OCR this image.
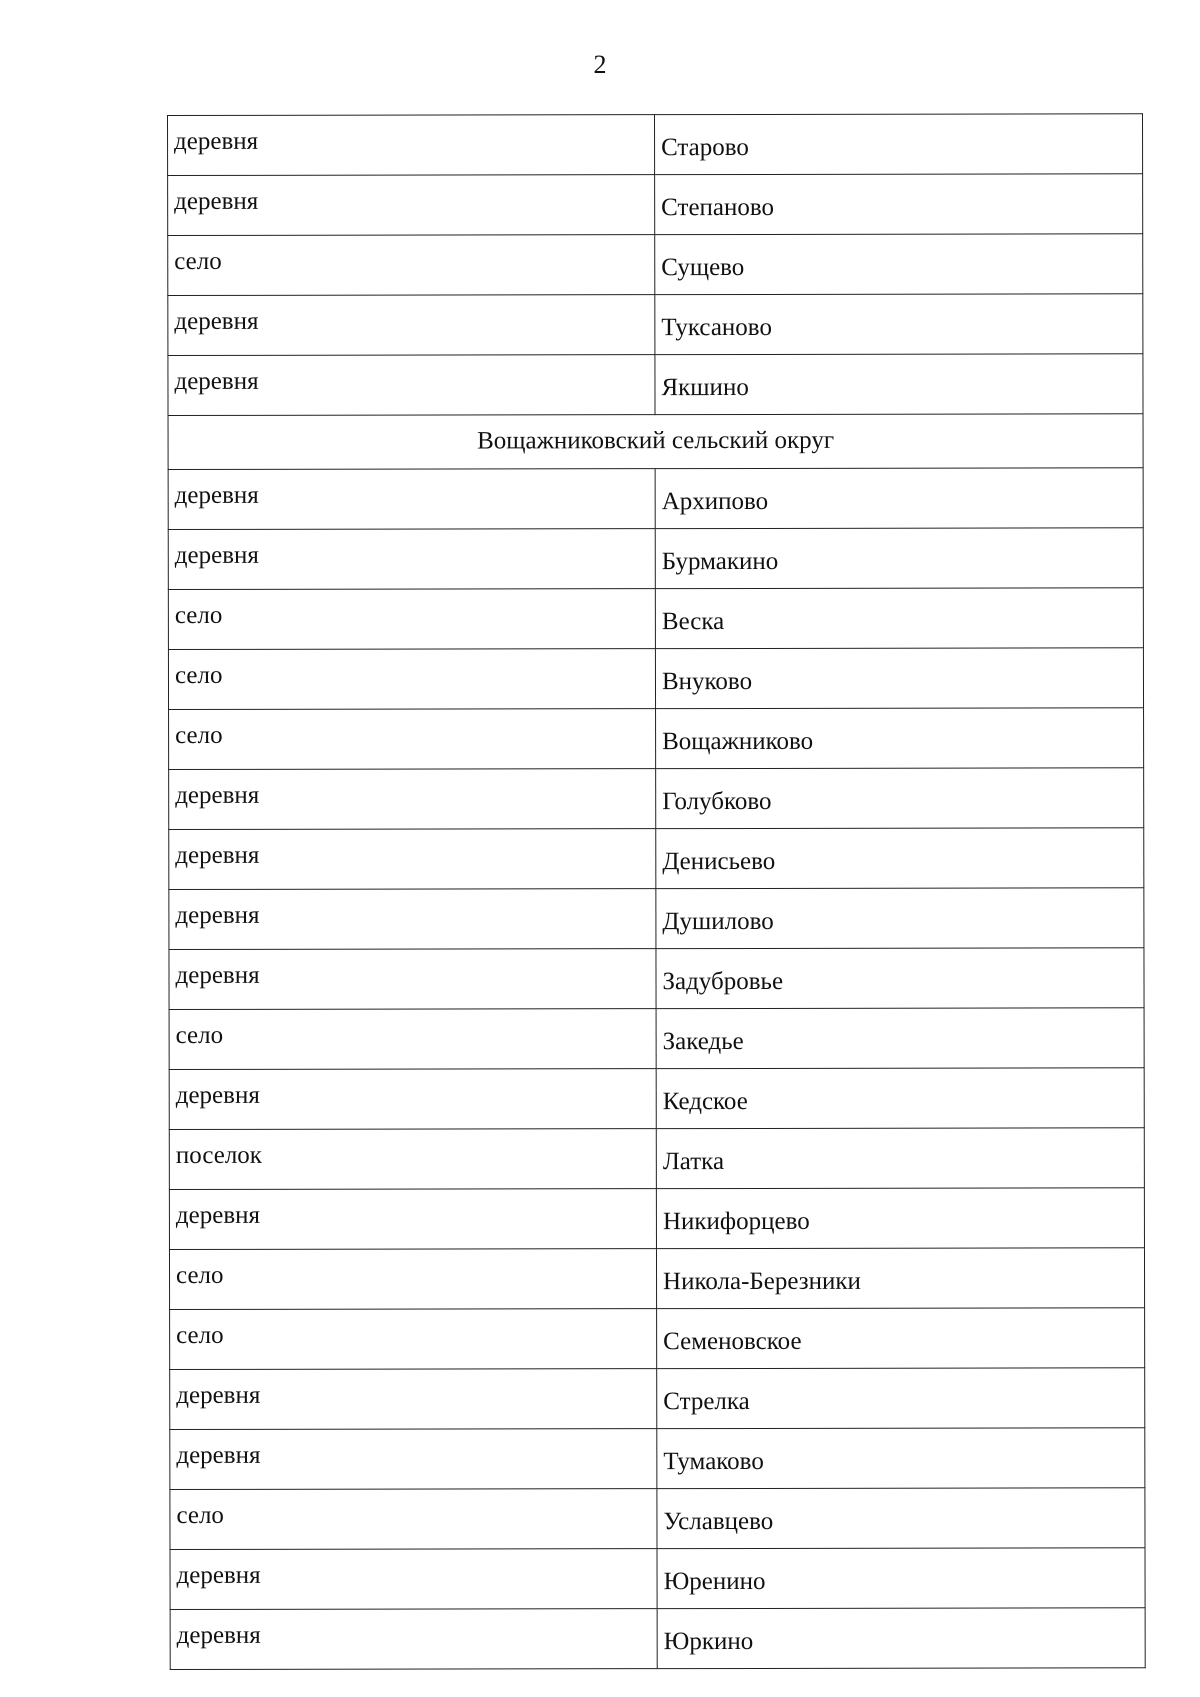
2
деревня	Старово
деревня	Степаново
село	Сущево
деревня	Туксаново
деревня	Якшино
Вощажниковский сельский округ	
деревня	Архипово
деревня	Бурмакино
село	Веска
село	Внуково
село	Вощажниково
деревня	Голубково
деревня	Денисьево
деревня	Душилово
деревня	Задубровье
село	Закедье
деревня	Кедское
поселок	Латка
деревня	Никифорцево
село	Никола-Березники
село	Семеновское
деревня	Стрелка
деревня	Тумаково
село	Уславцево
деревня	Юренино
деревня	Юркино
